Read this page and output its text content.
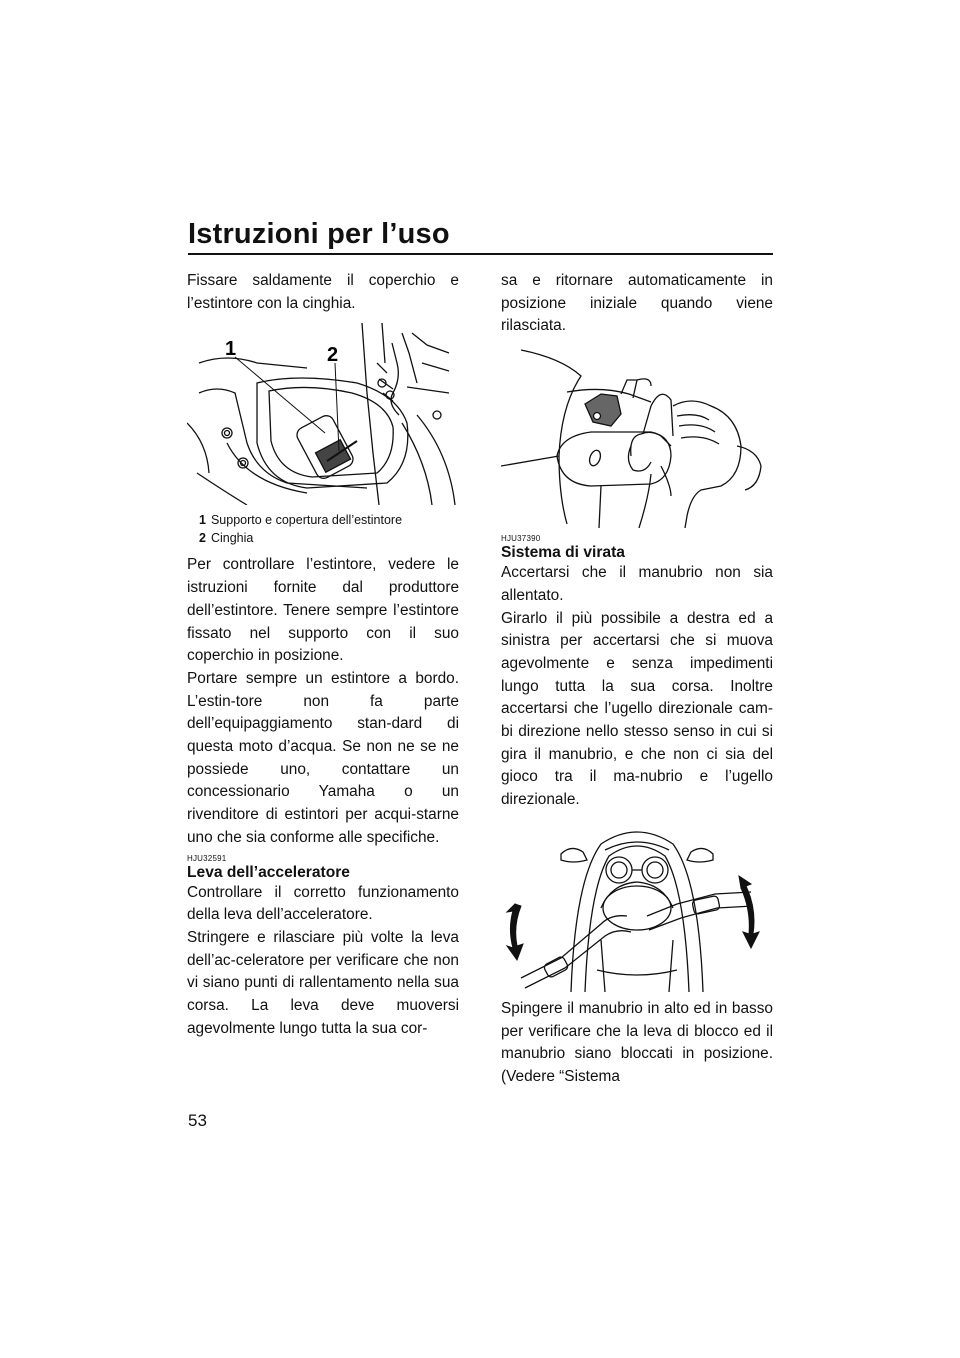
Istruzioni per l’uso
53

Fissare saldamente il coperchio e l’estintore con la cinghia.

1	2
1 Supporto e copertura dell’estintore
2 Cinghia

Per controllare l’estintore, vedere le istruzioni fornite dal produttore dell’estintore. Tenere sempre l’estintore fissato nel supporto con il suo coperchio in posizione.

Portare sempre un estintore a bordo. L’estin-tore non fa parte dell’equipaggiamento stan-dard di questa moto d’acqua. Se non ne se ne possiede uno, contattare un concessionario Yamaha o un rivenditore di estintori per acqui-starne uno che sia conforme alle specifiche.

HJU32591
Leva dell’acceleratore

Controllare il corretto funzionamento della leva dell’acceleratore.

Stringere e rilasciare più volte la leva dell’ac-celeratore per verificare che non vi siano punti di rallentamento nella sua corsa. La leva deve muoversi agevolmente lungo tutta la sua cor-

sa e ritornare automaticamente in posizione iniziale quando viene rilasciata.

HJU37390
Sistema di virata

Accertarsi che il manubrio non sia allentato.

Girarlo il più possibile a destra ed a sinistra per accertarsi che si muova agevolmente e senza impedimenti lungo tutta la sua corsa. Inoltre accertarsi che l’ugello direzionale cam-bi direzione nello stesso senso in cui si gira il manubrio, e che non ci sia del gioco tra il ma-nubrio e l’ugello direzionale.

Spingere il manubrio in alto ed in basso per verificare che la leva di blocco ed il manubrio siano bloccati in posizione. (Vedere “Sistema
